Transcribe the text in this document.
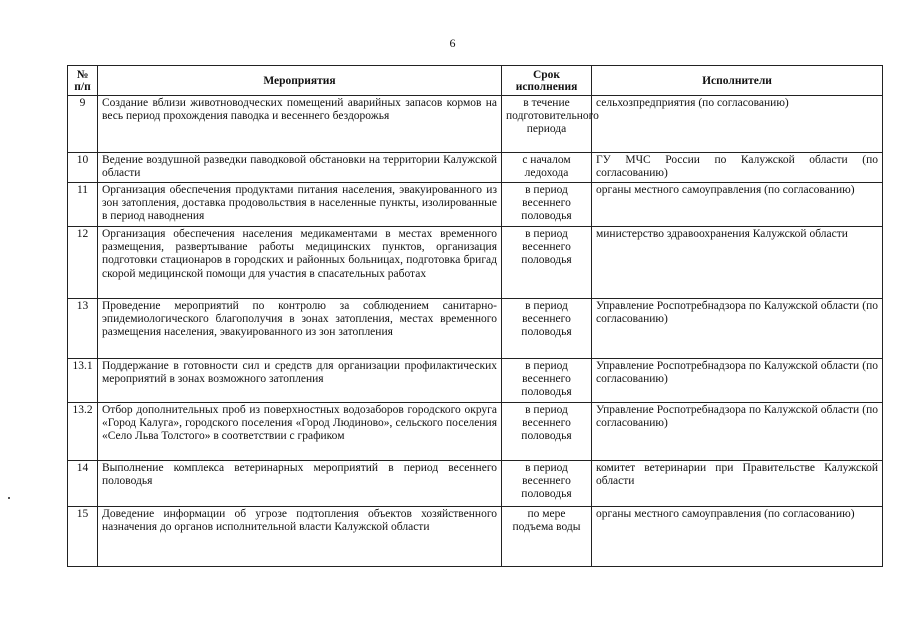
6
№ п/п	Мероприятия	Срок исполнения	Исполнители
9	Создание вблизи животноводческих помещений аварийных запасов кормов на весь период прохождения паводка и весеннего бездорожья	в течение подготовительного периода	сельхозпредприятия (по согласованию)
10	Ведение воздушной разведки паводковой обстановки на территории Калужской области	с началом ледохода	ГУ МЧС России по Калужской области (по согласованию)
11	Организация обеспечения продуктами питания населения, эвакуированного из зон затопления, доставка продовольствия в населенные пункты, изолированные в период наводнения	в период весеннего половодья	органы местного самоуправления (по согласованию)
12	Организация обеспечения населения медикаментами в местах временного размещения, развертывание работы медицинских пунктов, организация подготовки стационаров в городских и районных больницах, подготовка бригад скорой медицинской помощи для участия в спасательных работах	в период весеннего половодья	министерство здравоохранения Калужской области
13	Проведение мероприятий по контролю за соблюдением санитарно-эпидемиологического благополучия в зонах затопления, местах временного размещения населения, эвакуированного из зон затопления	в период весеннего половодья	Управление Роспотребнадзора по Калужской области (по согласованию)
13.1	Поддержание в готовности сил и средств для организации профилактических мероприятий в зонах возможного затопления	в период весеннего половодья	Управление Роспотребнадзора по Калужской области (по согласованию)
13.2	Отбор дополнительных проб из поверхностных водозаборов городского округа «Город Калуга», городского поселения «Город Людиново», сельского поселения «Село Льва Толстого» в соответствии с графиком	в период весеннего половодья	Управление Роспотребнадзора по Калужской области (по согласованию)
14	Выполнение комплекса ветеринарных мероприятий в период весеннего половодья	в период весеннего половодья	комитет ветеринарии при Правительстве Калужской области
15	Доведение информации об угрозе подтопления объектов хозяйственного назначения до органов исполнительной власти Калужской области	по мере подъема воды	органы местного самоуправления (по согласованию)
